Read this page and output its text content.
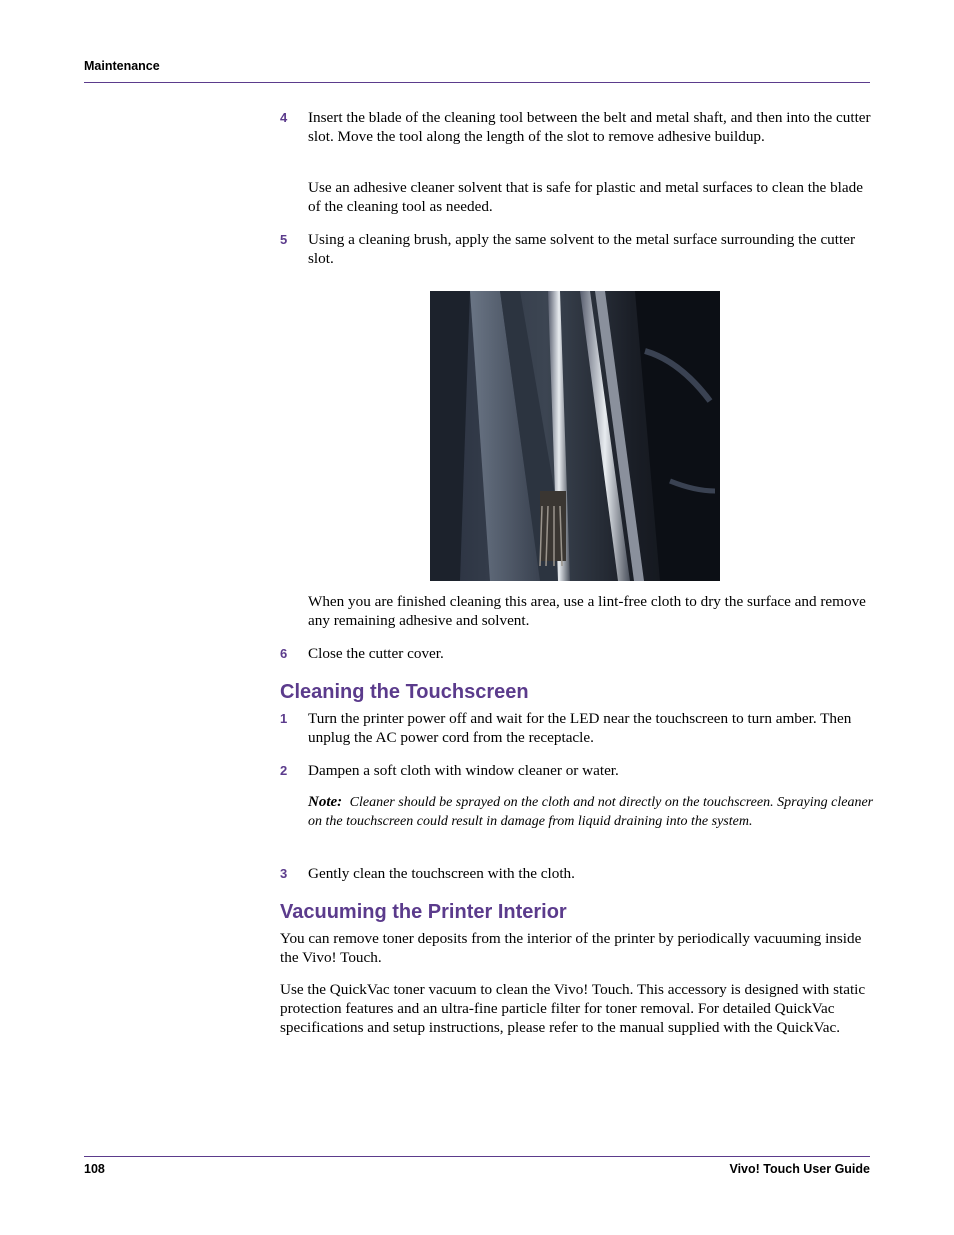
Maintenance
4 Insert the blade of the cleaning tool between the belt and metal shaft, and then into the cutter slot. Move the tool along the length of the slot to remove adhesive buildup.
Use an adhesive cleaner solvent that is safe for plastic and metal surfaces to clean the blade of the cleaning tool as needed.
5 Using a cleaning brush, apply the same solvent to the metal surface surrounding the cutter slot.
When you are finished cleaning this area, use a lint-free cloth to dry the surface and remove any remaining adhesive and solvent.
6 Close the cutter cover.
Cleaning the Touchscreen
1 Turn the printer power off and wait for the LED near the touchscreen to turn amber. Then unplug the AC power cord from the receptacle.
2 Dampen a soft cloth with window cleaner or water.
Note: Cleaner should be sprayed on the cloth and not directly on the touchscreen. Spraying cleaner on the touchscreen could result in damage from liquid draining into the system.
3 Gently clean the touchscreen with the cloth.
Vacuuming the Printer Interior
You can remove toner deposits from the interior of the printer by periodically vacuuming inside the Vivo! Touch.
Use the QuickVac toner vacuum to clean the Vivo! Touch. This accessory is designed with static protection features and an ultra-fine particle filter for toner removal. For detailed QuickVac specifications and setup instructions, please refer to the manual supplied with the QuickVac.
108	Vivo! Touch User Guide
